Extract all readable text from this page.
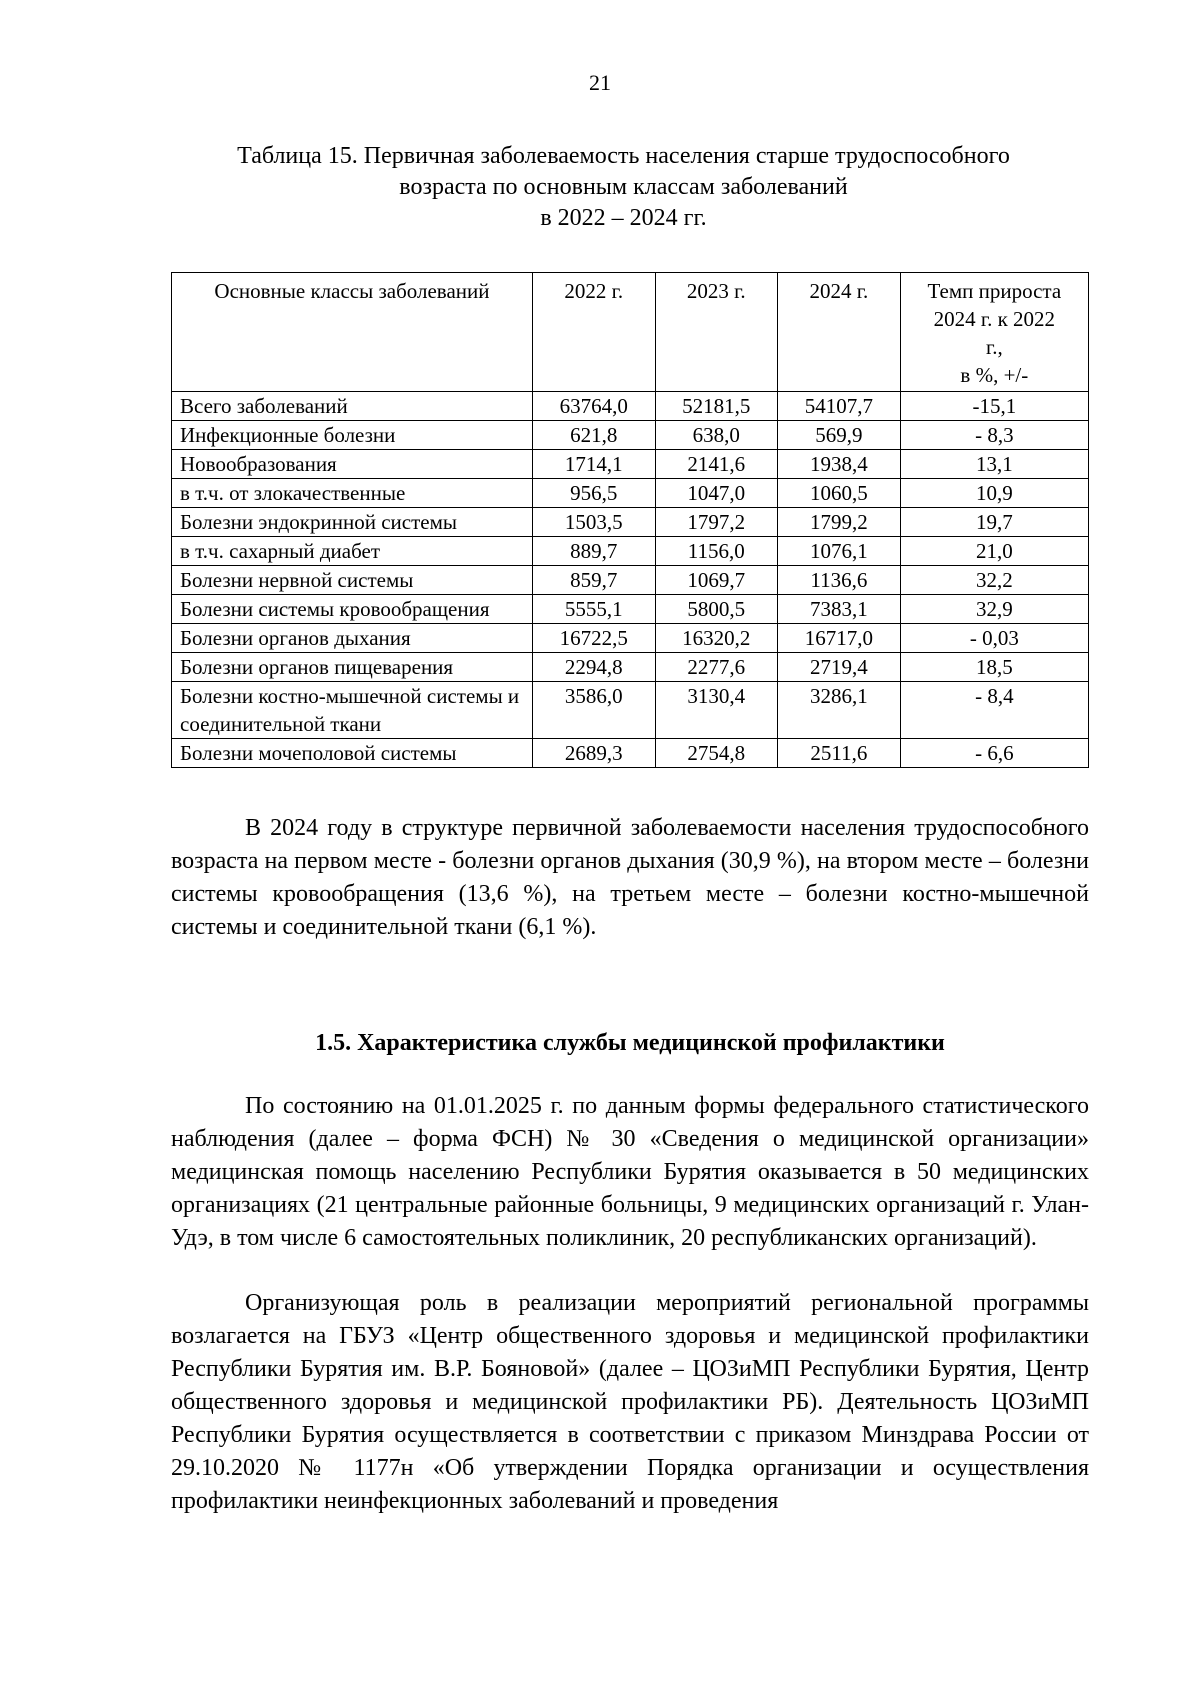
21
Таблица 15. Первичная заболеваемость населения старше трудоспособного
возраста по основным классам заболеваний
в 2022 – 2024 гг.
Основные классы заболеваний	2022 г.	2023 г.	2024 г.	Темп прироста
2024 г. к 2022
г.,
в %, +/-

Всего заболеваний	63764,0	52181,5	54107,7	-15,1
Инфекционные болезни	621,8	638,0	569,9	- 8,3
Новообразования	1714,1	2141,6	1938,4	13,1
в т.ч. от злокачественные	956,5	1047,0	1060,5	10,9
Болезни эндокринной системы	1503,5	1797,2	1799,2	19,7
в т.ч. сахарный диабет	889,7	1156,0	1076,1	21,0
Болезни нервной системы	859,7	1069,7	1136,6	32,2
Болезни системы кровообращения	5555,1	5800,5	7383,1	32,9
Болезни органов дыхания	16722,5	16320,2	16717,0	- 0,03
Болезни органов пищеварения	2294,8	2277,6	2719,4	18,5
Болезни костно-мышечной системы и соединительной ткани	3586,0	3130,4	3286,1	- 8,4
Болезни мочеполовой системы	2689,3	2754,8	2511,6	- 6,6

В 2024 году в структуре первичной заболеваемости населения трудоспособного возраста на первом месте - болезни органов дыхания (30,9 %), на втором месте – болезни системы кровообращения (13,6 %), на третьем месте – болезни костно-мышечной системы и соединительной ткани (6,1 %).

1.5. Характеристика службы медицинской профилактики

По состоянию на 01.01.2025 г. по данным формы федерального статистического наблюдения (далее – форма ФСН) № 30 «Сведения о медицинской организации» медицинская помощь населению Республики Бурятия оказывается в 50 медицинских организациях (21 центральные районные больницы, 9 медицинских организаций г. Улан-Удэ, в том числе 6 самостоятельных поликлиник, 20 республиканских организаций).

Организующая роль в реализации мероприятий региональной программы возлагается на ГБУЗ «Центр общественного здоровья и медицинской профилактики Республики Бурятия им. В.Р. Бояновой» (далее – ЦОЗиМП Республики Бурятия, Центр общественного здоровья и медицинской профилактики РБ). Деятельность ЦОЗиМП Республики Бурятия осуществляется в соответствии с приказом Минздрава России от 29.10.2020 № 1177н «Об утверждении Порядка организации и осуществления профилактики неинфекционных заболеваний и проведения
